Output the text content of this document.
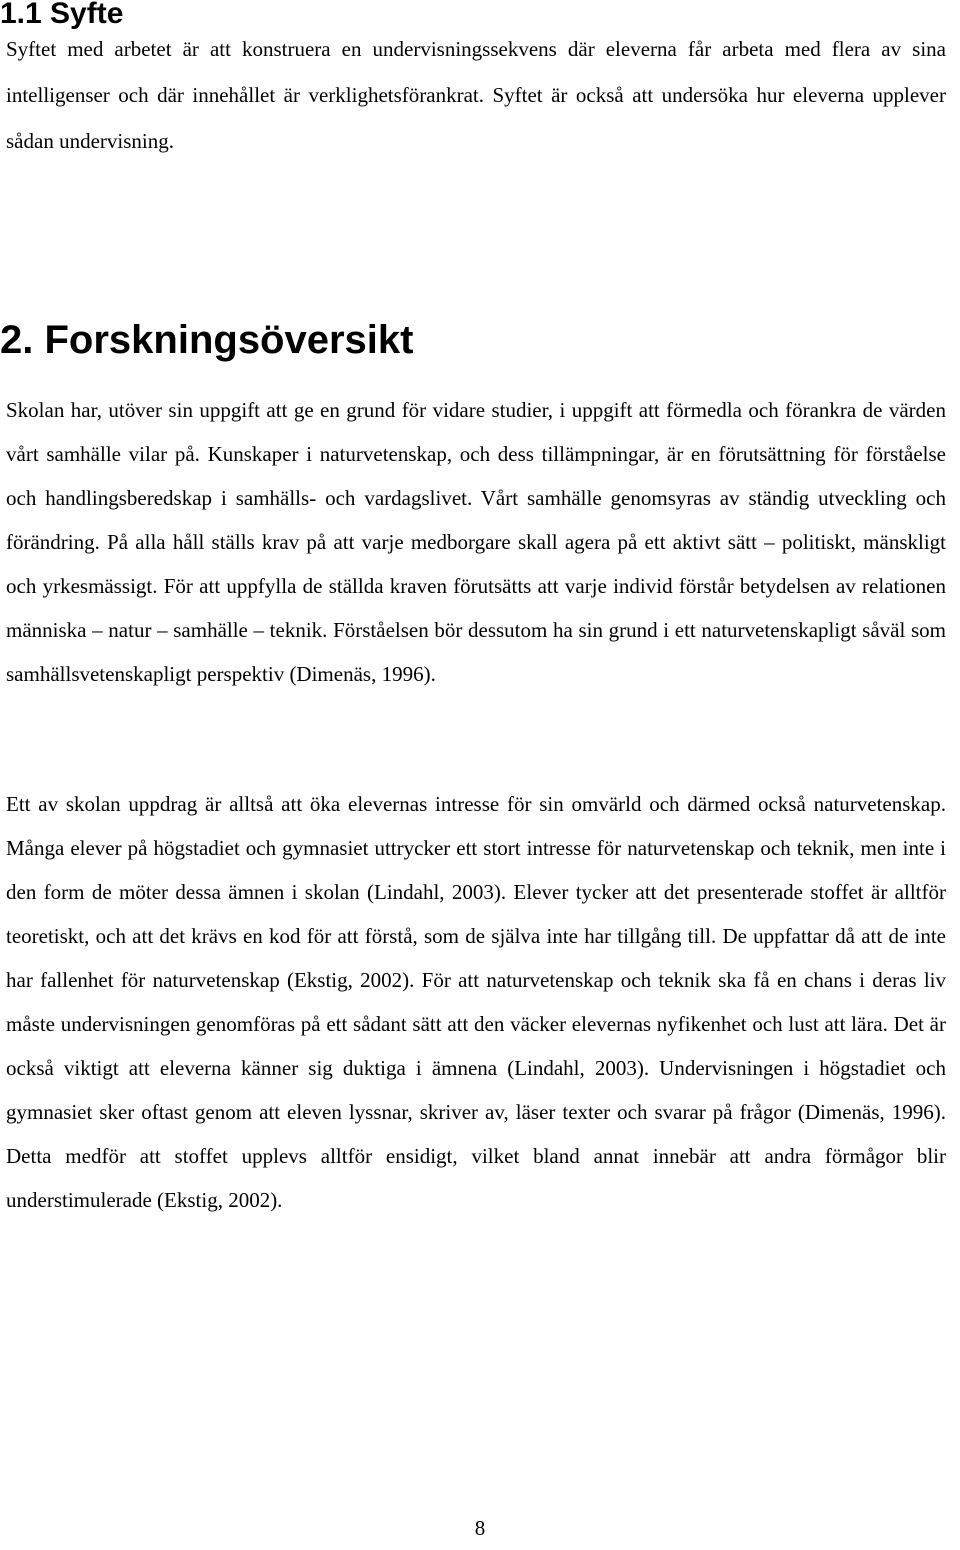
1.1 Syfte

Syftet med arbetet är att konstruera en undervisningssekvens där eleverna får arbeta med flera av sina intelligenser och där innehållet är verklighetsförankrat. Syftet är också att undersöka hur eleverna upplever sådan undervisning.

2. Forskningsöversikt

Skolan har, utöver sin uppgift att ge en grund för vidare studier, i uppgift att förmedla och förankra de värden vårt samhälle vilar på. Kunskaper i naturvetenskap, och dess tillämpningar, är en förutsättning för förståelse och handlingsberedskap i samhälls- och vardagslivet. Vårt samhälle genomsyras av ständig utveckling och förändring. På alla håll ställs krav på att varje medborgare skall agera på ett aktivt sätt – politiskt, mänskligt och yrkesmässigt. För att uppfylla de ställda kraven förutsätts att varje individ förstår betydelsen av relationen människa – natur – samhälle – teknik. Förståelsen bör dessutom ha sin grund i ett naturvetenskapligt såväl som samhällsvetenskapligt perspektiv (Dimenäs, 1996).

Ett av skolan uppdrag är alltså att öka elevernas intresse för sin omvärld och därmed också naturvetenskap. Många elever på högstadiet och gymnasiet uttrycker ett stort intresse för naturvetenskap och teknik, men inte i den form de möter dessa ämnen i skolan (Lindahl, 2003). Elever tycker att det presenterade stoffet är alltför teoretiskt, och att det krävs en kod för att förstå, som de själva inte har tillgång till. De uppfattar då att de inte har fallenhet för naturvetenskap (Ekstig, 2002). För att naturvetenskap och teknik ska få en chans i deras liv måste undervisningen genomföras på ett sådant sätt att den väcker elevernas nyfikenhet och lust att lära. Det är också viktigt att eleverna känner sig duktiga i ämnena (Lindahl, 2003). Undervisningen i högstadiet och gymnasiet sker oftast genom att eleven lyssnar, skriver av, läser texter och svarar på frågor (Dimenäs, 1996). Detta medför att stoffet upplevs alltför ensidigt, vilket bland annat innebär att andra förmågor blir understimulerade (Ekstig, 2002).

8
